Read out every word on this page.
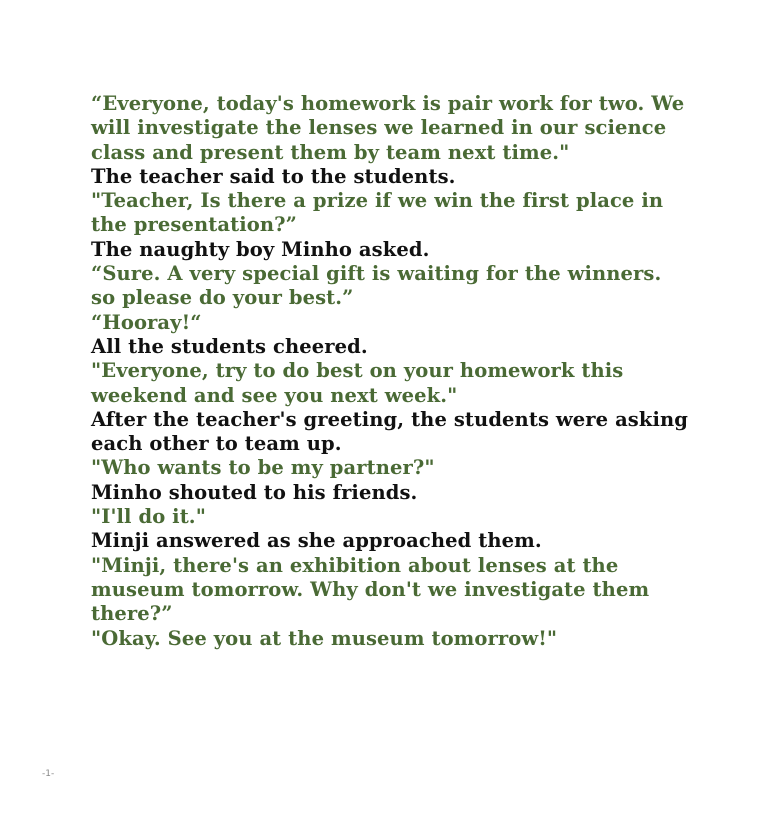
“Everyone, today's homework is pair work for two. We will investigate the lenses we learned in our science class and present them by team next time."

The teacher said to the students.

"Teacher, Is there a prize if we win the first place in the presentation?”

The naughty boy Minho asked.

“Sure. A very special gift is waiting for the winners. so please do your best.”

“Hooray!“

All the students cheered.

"Everyone, try to do best on your homework this weekend and see you next week."

After the teacher's greeting, the students were asking each other to team up.

"Who wants to be my partner?"

Minho shouted to his friends.

"I'll do it."

Minji answered as she approached them.

"Minji, there's an exhibition about lenses at the museum tomorrow. Why don't we investigate them there?”

"Okay. See you at the museum tomorrow!"

-1-
